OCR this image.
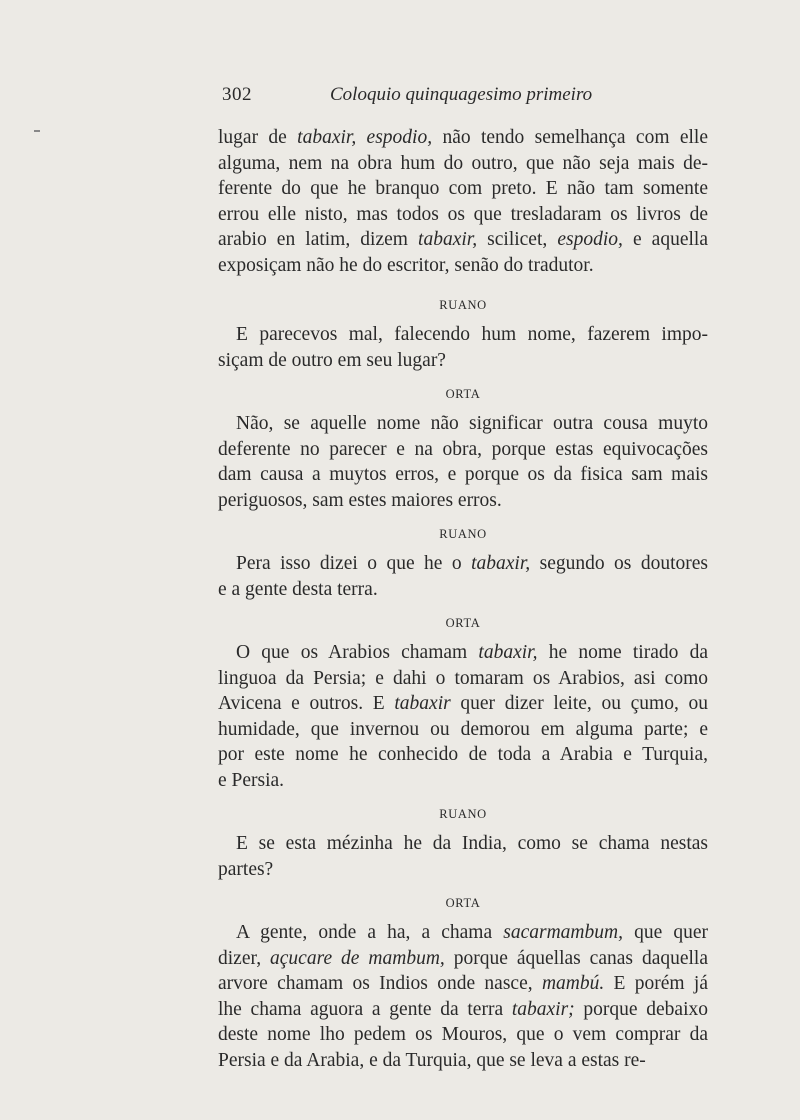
302	Coloquio quinquagesimo primeiro
lugar de tabaxir, espodio, não tendo semelhança com elle
alguma, nem na obra hum do outro, que não seja mais de-
ferente do que he branquo com preto. E não tam somente
errou elle nisto, mas todos os que tresladaram os livros de
arabio en latim, dizem tabaxir, scilicet, espodio, e aquella
exposiçam não he do escritor, senão do tradutor.

RUANO

E parecevos mal, falecendo hum nome, fazerem impo-
siçam de outro em seu lugar?

ORTA

Não, se aquelle nome não significar outra cousa muyto
deferente no parecer e na obra, porque estas equivocações
dam causa a muytos erros, e porque os da fisica sam mais
periguosos, sam estes maiores erros.

RUANO

Pera isso dizei o que he o tabaxir, segundo os doutores
e a gente desta terra.

ORTA

O que os Arabios chamam tabaxir, he nome tirado da
linguoa da Persia; e dahi o tomaram os Arabios, asi como
Avicena e outros. E tabaxir quer dizer leite, ou çumo, ou
humidade, que invernou ou demorou em alguma parte; e
por este nome he conhecido de toda a Arabia e Turquia,
e Persia.

RUANO

E se esta mézinha he da India, como se chama nestas
partes?

ORTA

A gente, onde a ha, a chama sacarmambum, que quer
dizer, açucare de mambum, porque áquellas canas daquella
arvore chamam os Indios onde nasce, mambú. E porém já
lhe chama aguora a gente da terra tabaxir; porque debaixo
deste nome lho pedem os Mouros, que o vem comprar da
Persia e da Arabia, e da Turquia, que se leva a estas re-
